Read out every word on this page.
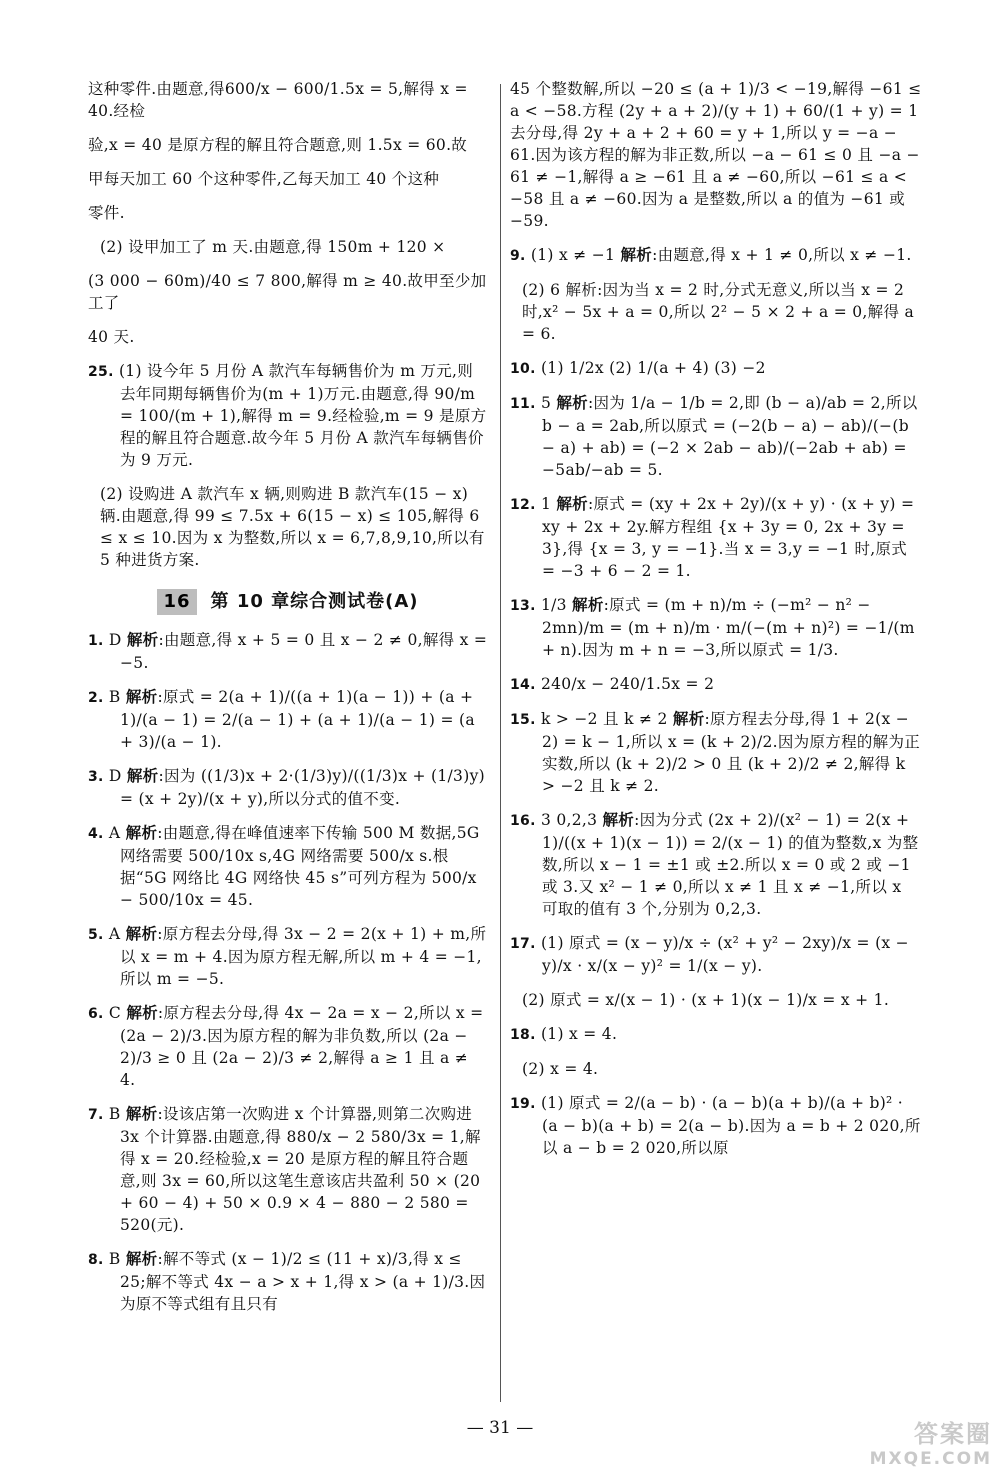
这种零件.由题意,得600/x − 600/1.5x = 5,解得 x = 40.经检
验,x = 40 是原方程的解且符合题意,则 1.5x = 60.故
甲每天加工 60 个这种零件,乙每天加工 40 个这种
零件.
(2) 设甲加工了 m 天.由题意,得 150m + 120 ×
(3 000 − 60m)/40 ≤ 7 800,解得 m ≥ 40.故甲至少加工了
40 天.
25. (1) 设今年 5 月份 A 款汽车每辆售价为 m 万元,则去年同期每辆售价为(m + 1)万元.由题意,得 90/m = 100/(m + 1),解得 m = 9.经检验,m = 9 是原方程的解且符合题意.故今年 5 月份 A 款汽车每辆售价为 9 万元.
(2) 设购进 A 款汽车 x 辆,则购进 B 款汽车(15 − x)辆.由题意,得 99 ≤ 7.5x + 6(15 − x) ≤ 105,解得 6 ≤ x ≤ 10.因为 x 为整数,所以 x = 6,7,8,9,10,所以有 5 种进货方案.
16 第 10 章综合测试卷(A)
1. D 解析:由题意,得 x + 5 = 0 且 x − 2 ≠ 0,解得 x = −5.
2. B 解析:原式 = 2(a + 1)/((a + 1)(a − 1)) + (a + 1)/(a − 1) = 2/(a − 1) + (a + 1)/(a − 1) = (a + 3)/(a − 1).
3. D 解析:因为 ((1/3)x + 2·(1/3)y)/((1/3)x + (1/3)y) = (x + 2y)/(x + y),所以分式的值不变.
4. A 解析:由题意,得在峰值速率下传输 500 M 数据,5G 网络需要 500/10x s,4G 网络需要 500/x s.根据“5G 网络比 4G 网络快 45 s”可列方程为 500/x − 500/10x = 45.
5. A 解析:原方程去分母,得 3x − 2 = 2(x + 1) + m,所以 x = m + 4.因为原方程无解,所以 m + 4 = −1,所以 m = −5.
6. C 解析:原方程去分母,得 4x − 2a = x − 2,所以 x = (2a − 2)/3.因为原方程的解为非负数,所以 (2a − 2)/3 ≥ 0 且 (2a − 2)/3 ≠ 2,解得 a ≥ 1 且 a ≠ 4.
7. B 解析:设该店第一次购进 x 个计算器,则第二次购进 3x 个计算器.由题意,得 880/x − 2 580/3x = 1,解得 x = 20.经检验,x = 20 是原方程的解且符合题意,则 3x = 60,所以这笔生意该店共盈利 50 × (20 + 60 − 4) + 50 × 0.9 × 4 − 880 − 2 580 = 520(元).
8. B 解析:解不等式 (x − 1)/2 ≤ (11 + x)/3,得 x ≤ 25;解不等式 4x − a > x + 1,得 x > (a + 1)/3.因为原不等式组有且只有
45 个整数解,所以 −20 ≤ (a + 1)/3 < −19,解得 −61 ≤ a < −58.方程 (2y + a + 2)/(y + 1) + 60/(1 + y) = 1 去分母,得 2y + a + 2 + 60 = y + 1,所以 y = −a − 61.因为该方程的解为非正数,所以 −a − 61 ≤ 0 且 −a − 61 ≠ −1,解得 a ≥ −61 且 a ≠ −60,所以 −61 ≤ a < −58 且 a ≠ −60.因为 a 是整数,所以 a 的值为 −61 或 −59.
9. (1) x ≠ −1 解析:由题意,得 x + 1 ≠ 0,所以 x ≠ −1.
(2) 6 解析:因为当 x = 2 时,分式无意义,所以当 x = 2 时,x² − 5x + a = 0,所以 2² − 5 × 2 + a = 0,解得 a = 6.
10. (1) 1/2x (2) 1/(a + 4) (3) −2
11. 5 解析:因为 1/a − 1/b = 2,即 (b − a)/ab = 2,所以 b − a = 2ab,所以原式 = (−2(b − a) − ab)/(−(b − a) + ab) = (−2 × 2ab − ab)/(−2ab + ab) = −5ab/−ab = 5.
12. 1 解析:原式 = (xy + 2x + 2y)/(x + y) · (x + y) = xy + 2x + 2y.解方程组 {x + 3y = 0, 2x + 3y = 3},得 {x = 3, y = −1}.当 x = 3,y = −1 时,原式 = −3 + 6 − 2 = 1.
13. 1/3 解析:原式 = (m + n)/m ÷ (−m² − n² − 2mn)/m = (m + n)/m · m/(−(m + n)²) = −1/(m + n).因为 m + n = −3,所以原式 = 1/3.
14. 240/x − 240/1.5x = 2
15. k > −2 且 k ≠ 2 解析:原方程去分母,得 1 + 2(x − 2) = k − 1,所以 x = (k + 2)/2.因为原方程的解为正实数,所以 (k + 2)/2 > 0 且 (k + 2)/2 ≠ 2,解得 k > −2 且 k ≠ 2.
16. 3 0,2,3 解析:因为分式 (2x + 2)/(x² − 1) = 2(x + 1)/((x + 1)(x − 1)) = 2/(x − 1) 的值为整数,x 为整数,所以 x − 1 = ±1 或 ±2.所以 x = 0 或 2 或 −1 或 3.又 x² − 1 ≠ 0,所以 x ≠ 1 且 x ≠ −1,所以 x 可取的值有 3 个,分别为 0,2,3.
17. (1) 原式 = (x − y)/x ÷ (x² + y² − 2xy)/x = (x − y)/x · x/(x − y)² = 1/(x − y).
(2) 原式 = x/(x − 1) · (x + 1)(x − 1)/x = x + 1.
18. (1) x = 4.
(2) x = 4.
19. (1) 原式 = 2/(a − b) · (a − b)(a + b)/(a + b)² · (a − b)(a + b) = 2(a − b).因为 a = b + 2 020,所以 a − b = 2 020,所以原
— 31 —	答案圈
MXQE.COM
